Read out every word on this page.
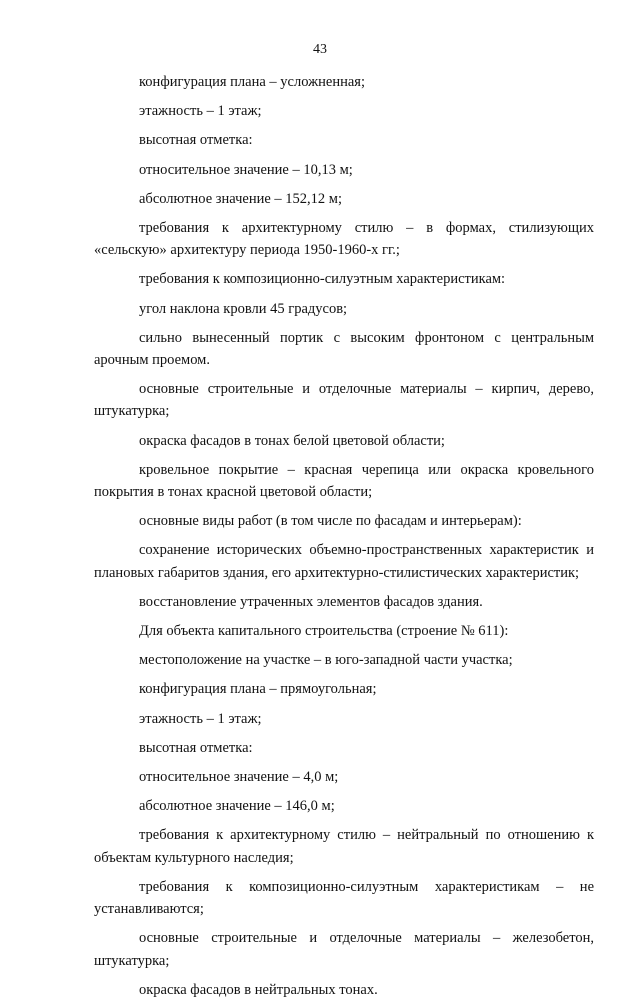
43

конфигурация плана – усложненная;

этажность – 1 этаж;

высотная отметка:

относительное значение – 10,13 м;

абсолютное значение – 152,12 м;

требования к архитектурному стилю – в формах, стилизующих «сельскую» архитектуру периода 1950-1960-х гг.;

требования к композиционно-силуэтным характеристикам:

угол наклона кровли 45 градусов;

сильно вынесенный портик с высоким фронтоном с центральным арочным проемом.

основные строительные и отделочные материалы – кирпич, дерево, штукатурка;

окраска фасадов в тонах белой цветовой области;

кровельное покрытие – красная черепица или окраска кровельного покрытия в тонах красной цветовой области;

основные виды работ (в том числе по фасадам и интерьерам):

сохранение исторических объемно-пространственных характеристик и плановых габаритов здания, его архитектурно-стилистических характеристик;

восстановление утраченных элементов фасадов здания.

Для объекта капитального строительства (строение № 611):

местоположение на участке – в юго-западной части участка;

конфигурация плана – прямоугольная;

этажность – 1 этаж;

высотная отметка:

относительное значение – 4,0 м;

абсолютное значение – 146,0 м;

требования к архитектурному стилю – нейтральный по отношению к объектам культурного наследия;

требования к композиционно-силуэтным характеристикам – не устанавливаются;

основные строительные и отделочные материалы – железобетон, штукатурка;

окраска фасадов в нейтральных тонах.
